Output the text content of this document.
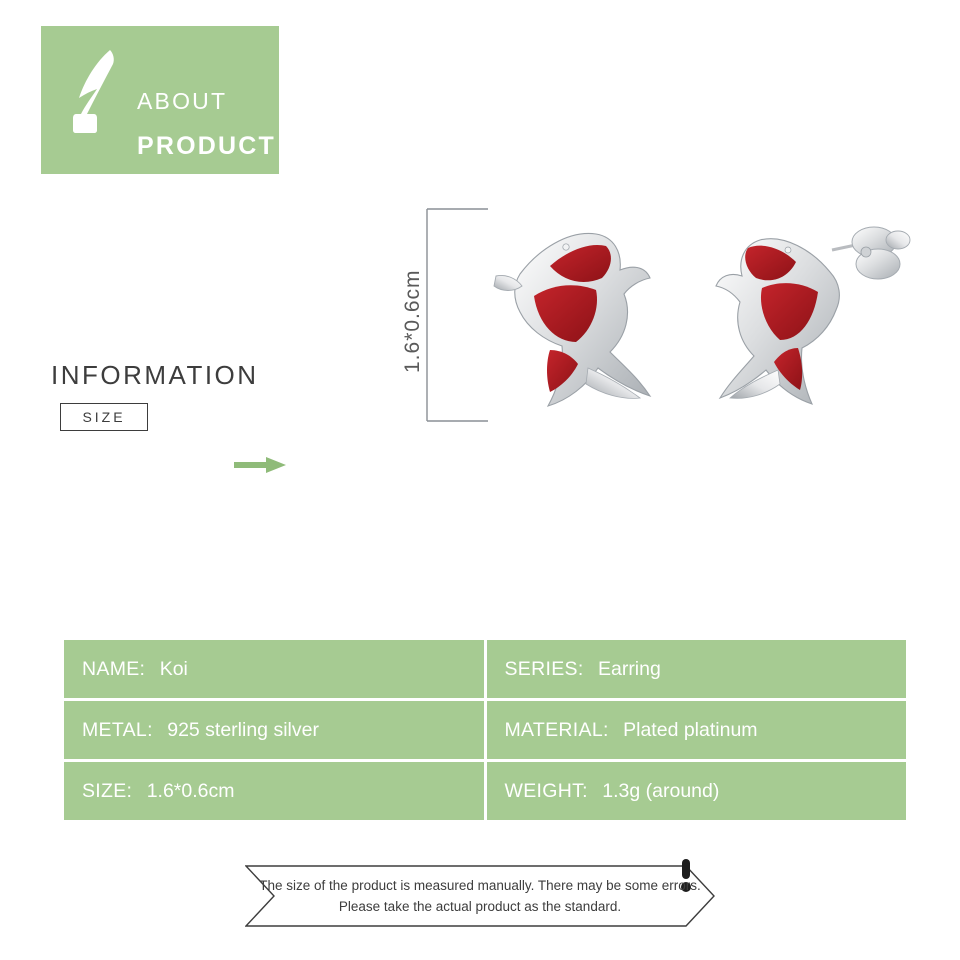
ABOUT
PRODUCT
INFORMATION
SIZE
1.6*0.6cm
NAME: Koi	SERIES: Earring
METAL: 925 sterling silver	MATERIAL: Plated platinum
SIZE: 1.6*0.6cm	WEIGHT: 1.3g (around)
The size of the product is measured manually. There may be some errors.
Please take the actual product as the standard.
